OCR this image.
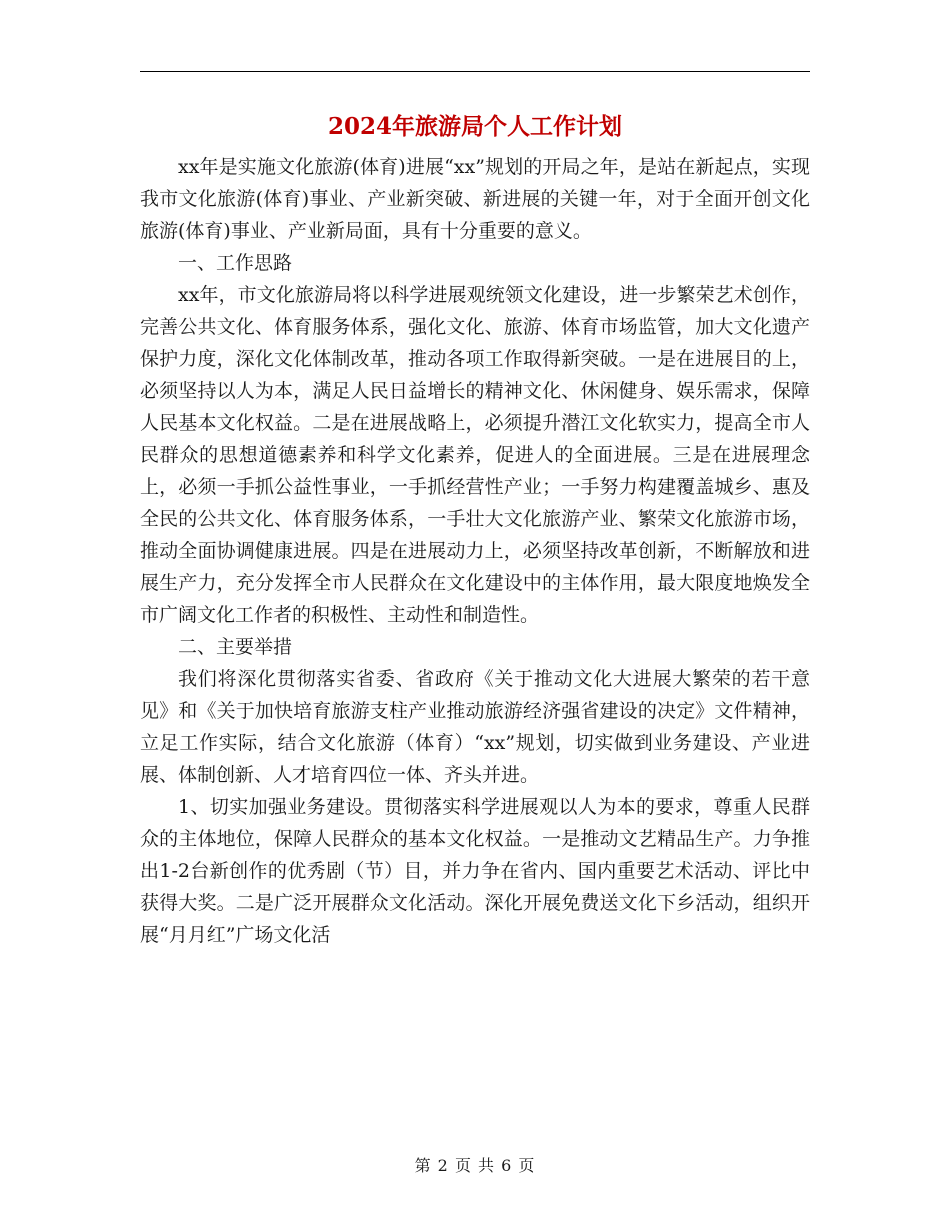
2024年旅游局个人工作计划

xx年是实施文化旅游(体育)进展“xx”规划的开局之年，是站在新起点，实现我市文化旅游(体育)事业、产业新突破、新进展的关键一年，对于全面开创文化旅游(体育)事业、产业新局面，具有十分重要的意义。

一、工作思路

xx年，市文化旅游局将以科学进展观统领文化建设，进一步繁荣艺术创作，完善公共文化、体育服务体系，强化文化、旅游、体育市场监管，加大文化遗产保护力度，深化文化体制改革，推动各项工作取得新突破。一是在进展目的上，必须坚持以人为本，满足人民日益增长的精神文化、休闲健身、娱乐需求，保障人民基本文化权益。二是在进展战略上，必须提升潜江文化软实力，提高全市人民群众的思想道德素养和科学文化素养，促进人的全面进展。三是在进展理念上，必须一手抓公益性事业，一手抓经营性产业；一手努力构建覆盖城乡、惠及全民的公共文化、体育服务体系，一手壮大文化旅游产业、繁荣文化旅游市场，推动全面协调健康进展。四是在进展动力上，必须坚持改革创新，不断解放和进展生产力，充分发挥全市人民群众在文化建设中的主体作用，最大限度地焕发全市广阔文化工作者的积极性、主动性和制造性。

二、主要举措

我们将深化贯彻落实省委、省政府《关于推动文化大进展大繁荣的若干意见》和《关于加快培育旅游支柱产业推动旅游经济强省建设的决定》文件精神，立足工作实际，结合文化旅游（体育）“xx”规划，切实做到业务建设、产业进展、体制创新、人才培育四位一体、齐头并进。

1、切实加强业务建设。贯彻落实科学进展观以人为本的要求，尊重人民群众的主体地位，保障人民群众的基本文化权益。一是推动文艺精品生产。力争推出1-2台新创作的优秀剧（节）目，并力争在省内、国内重要艺术活动、评比中获得大奖。二是广泛开展群众文化活动。深化开展免费送文化下乡活动，组织开展“月月红”广场文化活

第 2 页 共 6 页
